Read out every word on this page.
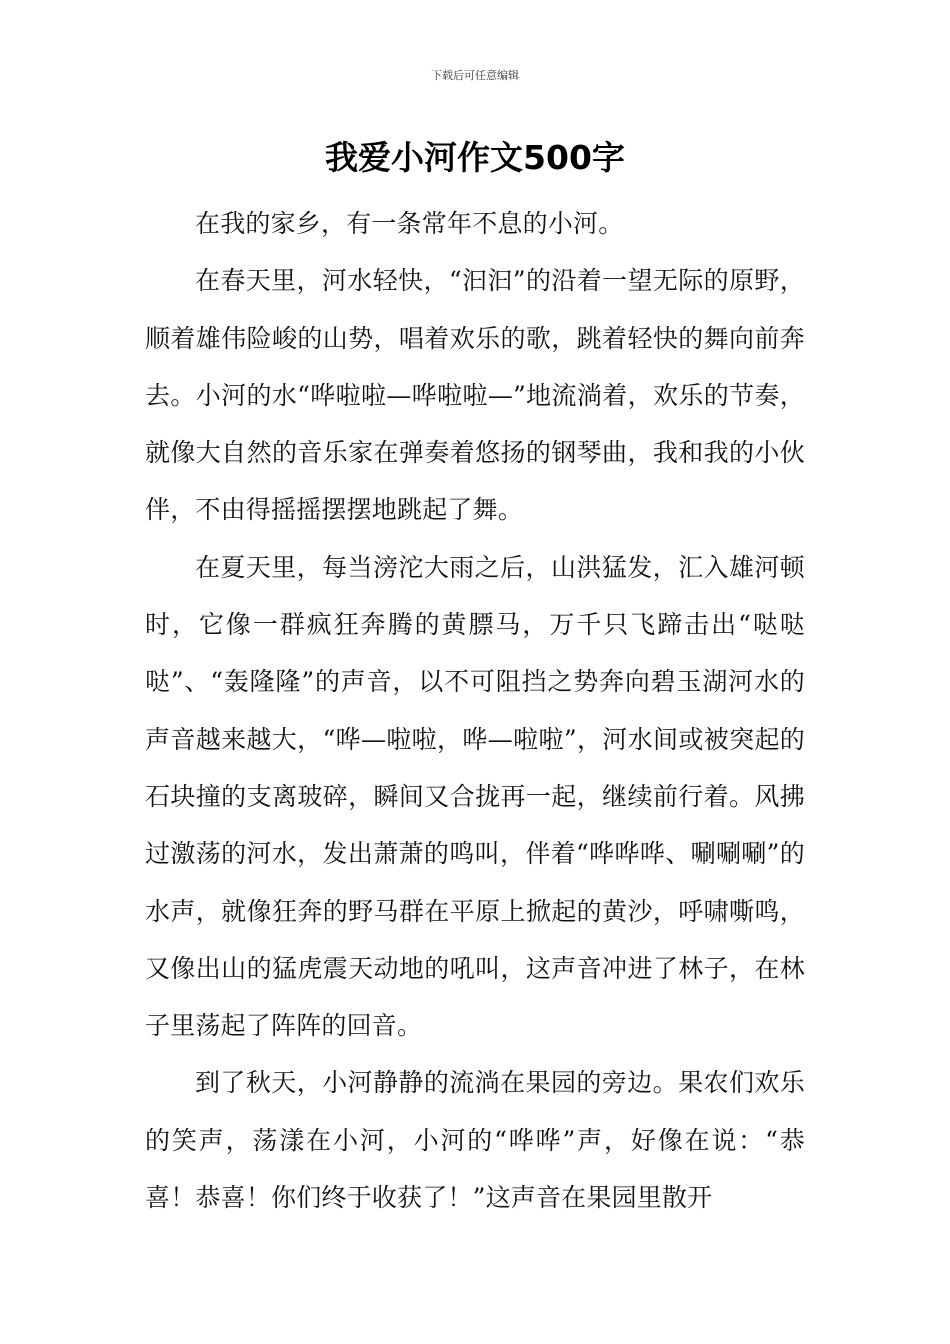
下载后可任意编辑
我爱小河作文500字

在我的家乡，有一条常年不息的小河。

在春天里，河水轻快，“汩汩”的沿着一望无际的原野，顺着雄伟险峻的山势，唱着欢乐的歌，跳着轻快的舞向前奔去。小河的水“哗啦啦—哗啦啦—”地流淌着，欢乐的节奏，就像大自然的音乐家在弹奏着悠扬的钢琴曲，我和我的小伙伴，不由得摇摇摆摆地跳起了舞。

在夏天里，每当滂沱大雨之后，山洪猛发，汇入雄河顿时，它像一群疯狂奔腾的黄膘马，万千只飞蹄击出“哒哒哒”、“轰隆隆”的声音，以不可阻挡之势奔向碧玉湖河水的声音越来越大，“哗—啦啦，哗—啦啦”，河水间或被突起的石块撞的支离玻碎，瞬间又合拢再一起，继续前行着。风拂过激荡的河水，发出萧萧的鸣叫，伴着“哗哗哗、唰唰唰”的水声，就像狂奔的野马群在平原上掀起的黄沙，呼啸嘶鸣，又像出山的猛虎震天动地的吼叫，这声音冲进了林子，在林子里荡起了阵阵的回音。

到了秋天，小河静静的流淌在果园的旁边。果农们欢乐的笑声，荡漾在小河，小河的“哗哗”声，好像在说：“恭喜！恭喜！你们终于收获了！”这声音在果园里散开
